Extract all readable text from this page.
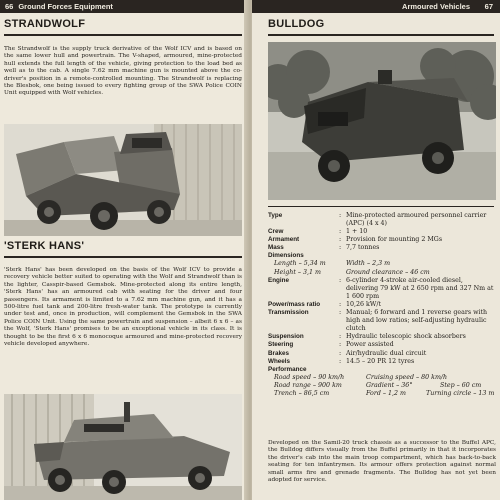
66 Ground Forces Equipment
STRANDWOLF
The Strandwolf is the supply truck derivative of the Wolf ICV and is based on the same lower hull and powertrain. The V-shaped, armoured, mine-protected hull extends the full length of the vehicle, giving protection to the load bed as well as to the cab. A single 7.62 mm machine gun is mounted above the co-driver's position in a remote-controlled mounting. The Strandwolf is replacing the Blesbok, one being issued to every fighting group of the SWA Police COIN Unit equipped with Wolf vehicles.
'STERK HANS'
'Sterk Hans' has been developed on the basis of the Wolf ICV to provide a recovery vehicle better suited to operating with the Wolf and Strandwolf than is the lighter, Casspir-based Gemsbok. Mine-protected along its entire length, 'Sterk Hans' has an armoured cab with seating for the driver and four passengers. Its armament is limited to a 7.62 mm machine gun, and it has a 500-litre fuel tank and 200-litre fresh-water tank. The prototype is currently under test and, once in production, will complement the Gemsbok in the SWA Police COIN Unit. Using the same powertrain and suspension – albeit 6 x 6 – as the Wolf, 'Sterk Hans' promises to be an exceptional vehicle in its class. It is thought to be the first 6 x 6 monocoque armoured and mine-protected recovery vehicle developed anywhere.
Armoured Vehicles	67
BULLDOG
Type	: Mine-protected armoured personnel carrier (APC) (4 x 4)
Crew	: 1 + 10
Armament	: Provision for mounting 2 MGs
Mass	: 7,7 tonnes
Dimensions
Length – 5,34 m	Width – 2,3 m
Height – 3,1 m	Ground clearance – 46 cm
Engine	: 6-cylinder 4-stroke air-cooled diesel, delivering 79 kW at 2 650 rpm and 327 Nm at 1 600 rpm
Power/mass ratio	: 10,26 kW/t
Transmission	: Manual; 6 forward and 1 reverse gears with high and low ratios; self-adjusting hydraulic clutch
Suspension	: Hydraulic telescopic shock absorbers
Steering	: Power assisted
Brakes	: Air/hydraulic dual circuit
Wheels	: 14.5 – 20 PR 12 tyres
Performance
Road speed – 90 km/h	Cruising speed – 80 km/h
Road range – 900 km	Gradient – 36°	Step – 60 cm
Trench – 86,5 cm	Ford – 1,2 m	Turning circle – 13 m
Developed on the Samil-20 truck chassis as a successor to the Buffel APC, the Bulldog differs visually from the Buffel primarily in that it incorporates the driver's cab into the main troop compartment, which has back-to-back seating for ten infantrymen. Its armour offers protection against normal small arms fire and grenade fragments. The Bulldog has not yet been adopted for service.
